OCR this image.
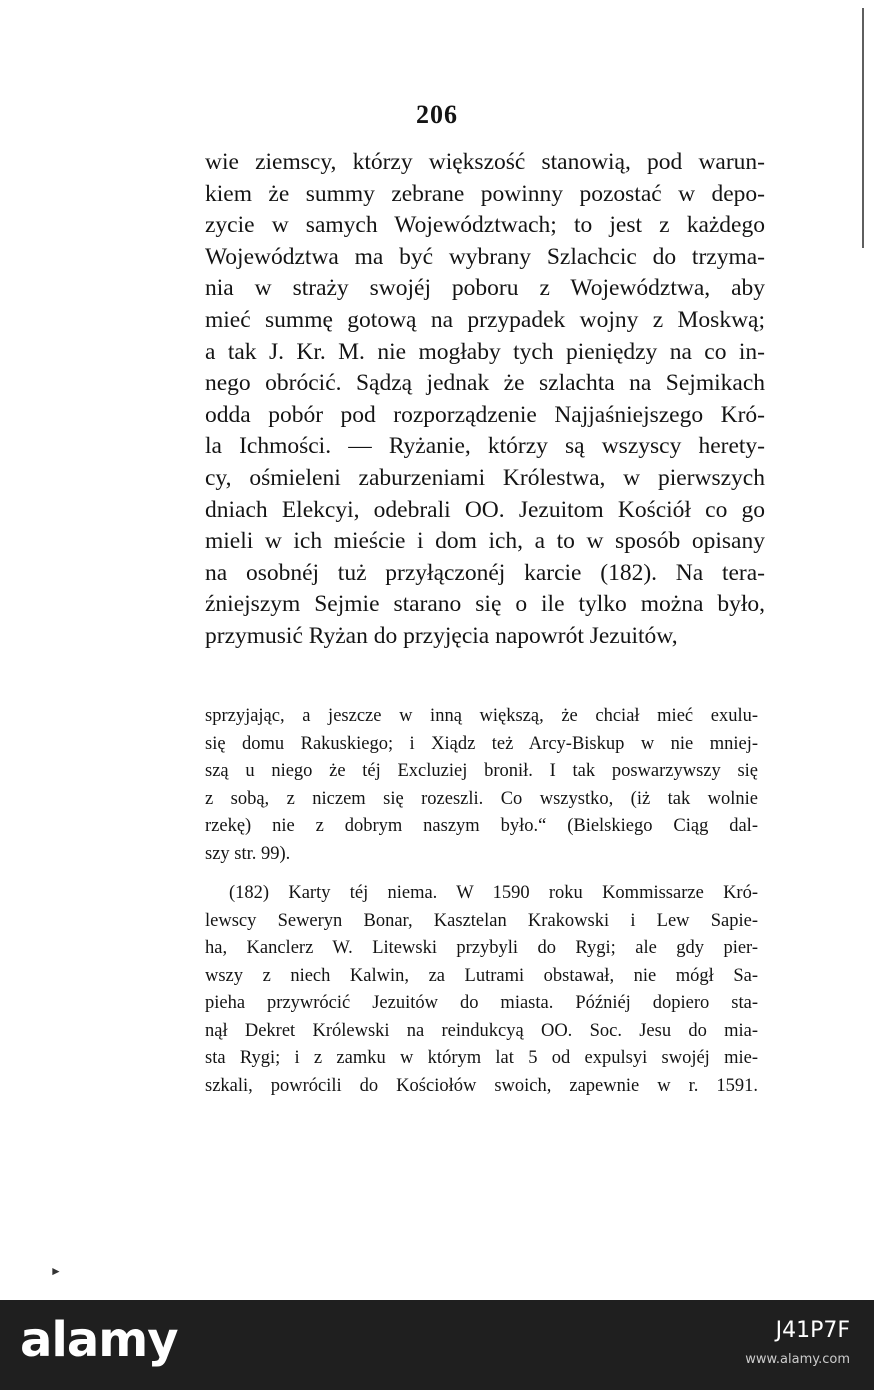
206
wie ziemscy, którzy większość stanowią, pod warun-
kiem że summy zebrane powinny pozostać w depo-
zycie w samych Województwach; to jest z każdego
Województwa ma być wybrany Szlachcic do trzyma-
nia w straży swojéj poboru z Województwa, aby
mieć summę gotową na przypadek wojny z Moskwą;
a tak J. Kr. M. nie mogłaby tych pieniędzy na co in-
nego obrócić. Sądzą jednak że szlachta na Sejmikach
odda pobór pod rozporządzenie Najjaśniejszego Kró-
la Ichmości. — Ryżanie, którzy są wszyscy herety-
cy, ośmieleni zaburzeniami Królestwa, w pierwszych
dniach Elekcyi, odebrali OO. Jezuitom Kościół co go
mieli w ich mieście i dom ich, a to w sposób opisany
na osobnéj tuż przyłączonéj karcie (182). Na tera-
źniejszym Sejmie starano się o ile tylko można było,
przymusić Ryżan do przyjęcia napowrót Jezuitów,
sprzyjając, a jeszcze w inną większą, że chciał mieć exulu-
się domu Rakuskiego; i Xiądz też Arcy-Biskup w nie mniej-
szą u niego że téj Excluziej bronił. I tak poswarzywszy się
z sobą, z niczem się rozeszli. Co wszystko, (iż tak wolnie
rzekę) nie z dobrym naszym było.“ (Bielskiego Ciąg dal-
szy str. 99).
(182) Karty téj niema. W 1590 roku Kommissarze Kró-
lewscy Seweryn Bonar, Kasztelan Krakowski i Lew Sapie-
ha, Kanclerz W. Litewski przybyli do Rygi; ale gdy pier-
wszy z niech Kalwin, za Lutrami obstawał, nie mógł Sa-
pieha przywrócić Jezuitów do miasta. Późniéj dopiero sta-
nął Dekret Królewski na reindukcyą OO. Soc. Jesu do mia-
sta Rygi; i z zamku w którym lat 5 od expulsyi swojéj mie-
szkali, powrócili do Kościołów swoich, zapewnie w r. 1591.
►
alamy	J41P7F
www.alamy.com
